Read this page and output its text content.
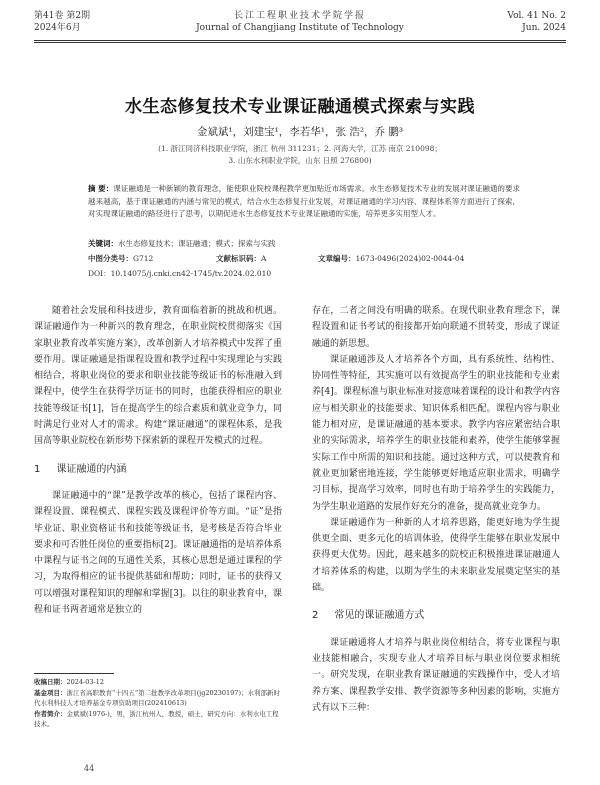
第41卷 第2期
2024年6月
长江工程职业技术学院学报
Journal of Changjiang Institute of Technology
Vol. 41 No. 2
Jun. 2024
水生态修复技术专业课证融通模式探索与实践
金斌斌¹，刘建宝¹，李若华¹，张 浩²，乔 鹏³
(1. 浙江同济科技职业学院，浙江 杭州 311231；2. 河海大学，江苏 南京 210098；
3. 山东水利职业学院，山东 日照 276800)
摘 要：课证融通是一种新颖的教育理念，能使职业院校课程教学更加贴近市场需求。水生态修复技术专业的发展对课证融通的要求越来越高，基于课证融通的内涵与常见的模式，结合水生态修复行业发展，对课证融通的学习内容、课程体系等方面进行了探索，对实现课证融通的路径进行了思考，以期促进水生态修复技术专业课证融通的实施，培养更多实用型人才。
关键词：水生态修复技术；课证融通；模式；探索与实践
中图分类号：G712	文献标识码：A	文章编号：1673-0496(2024)02-0044-04
DOI：10.14075/j.cnki.cn42-1745/tv.2024.02.010

随着社会发展和科技进步，教育面临着新的挑战和机遇。课证融通作为一种新兴的教育理念，在职业院校贯彻落实《国家职业教育改革实施方案》，改革创新人才培养模式中发挥了重要作用。课证融通是指课程设置和教学过程中实现理论与实践相结合，将职业岗位的要求和职业技能等级证书的标准融入到课程中，使学生在获得学历证书的同时，也能获得相应的职业技能等级证书[1]，旨在提高学生的综合素质和就业竞争力，同时满足行业对人才的需求。构建“课证融通”的课程体系，是我国高等职业院校在新形势下探索新的课程开发模式的过程。

1 课证融通的内涵

课证融通中的“课”是教学改革的核心，包括了课程内容、课程设置、课程模式、课程实践及课程评价等方面。“证”是指毕业证、职业资格证书和技能等级证书，是考核是否符合毕业要求和可否胜任岗位的重要指标[2]。课证融通指的是培养体系中课程与证书之间的互通性关系，其核心思想是通过课程的学习，为取得相应的证书提供基础和帮助；同时，证书的获得又可以增强对课程知识的理解和掌握[3]。以往的职业教育中，课程和证书两者通常是独立的

存在，二者之间没有明确的联系。在现代职业教育理念下，课程设置和证书考试的衔接都开始向联通不贯转变，形成了课证融通的新思想。

课证融通涉及人才培养各个方面，具有系统性、结构性、协同性等特征，其实施可以有效提高学生的职业技能和专业素养[4]。课程标准与职业标准对接意味着课程的设计和教学内容应与相关职业的技能要求、知识体系相匹配。课程内容与职业能力相对应，是课证融通的基本要求。教学内容应紧密结合职业的实际需求，培养学生的职业技能和素养，使学生能够掌握实际工作中所需的知识和技能。通过这种方式，可以使教育和就业更加紧密地连接，学生能够更好地适应职业需求，明确学习目标，提高学习效率，同时也有助于培养学生的实践能力，为学生职业道路的发展作好充分的准备，提高就业竞争力。

课证融通作为一种新的人才培养思路，能更好地为学生提供更全面、更多元化的培训体验，使得学生能够在职业发展中获得更大优势。因此，越来越多的院校正积极推进课证融通人才培养体系的构建，以期为学生的未来职业发展奠定坚实的基础。

2 常见的课证融通方式

课证融通将人才培养与职业岗位相结合，将专业课程与职业技能相融合，实现专业人才培养目标与职业岗位要求相统一。研究发现，在职业教育课证融通的实践操作中，受人才培养方案、课程教学安排、教学资源等多种因素的影响，实施方式有以下三种：

收稿日期：2024-03-12
基金项目：浙江省高职教育“十四五”第二批教学改革项目(jg20230197)；水利部新时代水利科技人才培养基金专项资助项目(202410613)
作者简介：金斌斌(1976-)，男，浙江杭州人，教授，硕士，研究方向：水利水电工程技术。
44
